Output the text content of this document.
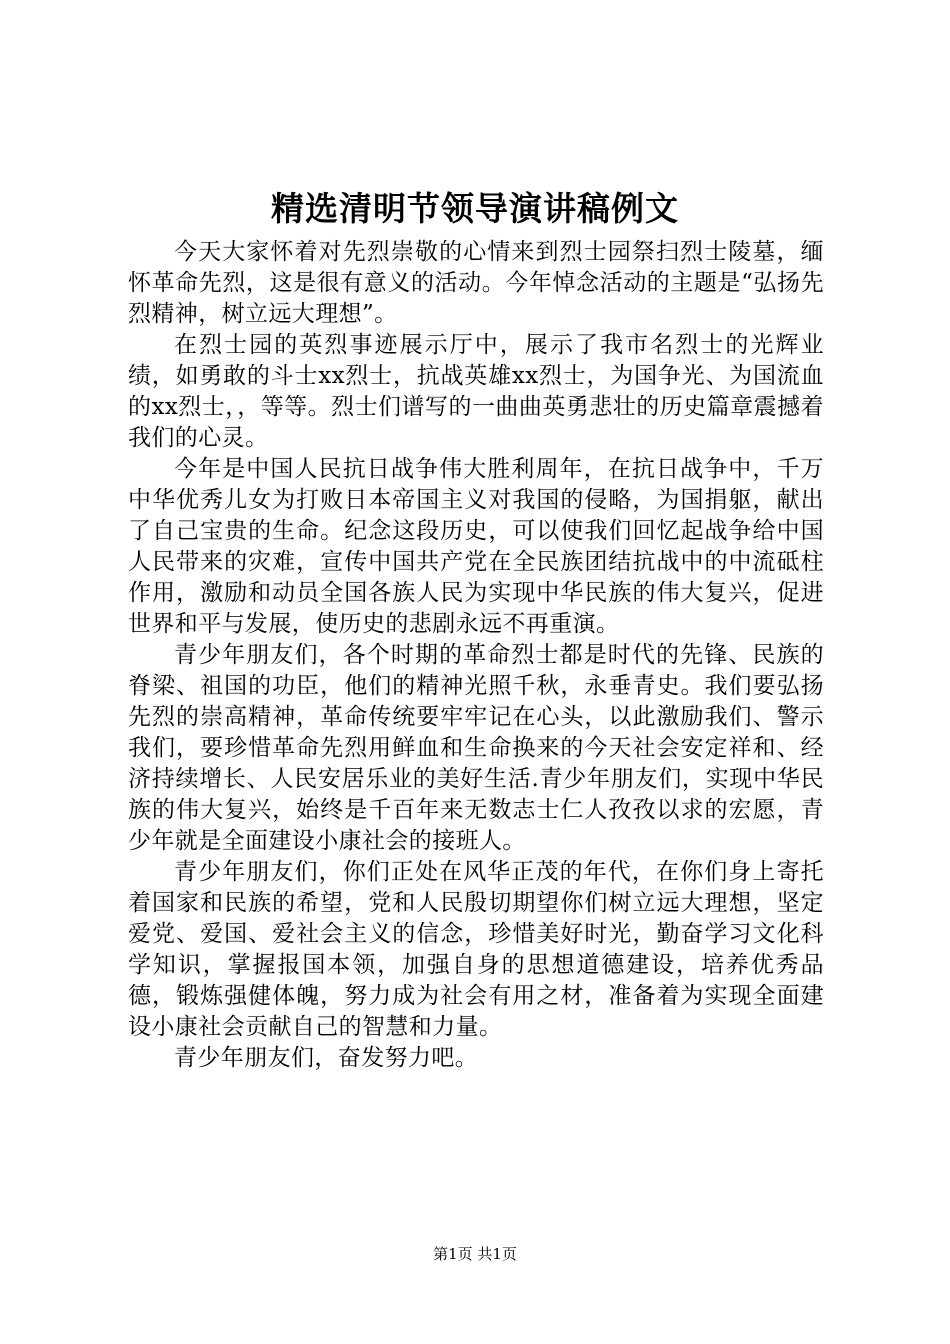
精选清明节领导演讲稿例文

今天大家怀着对先烈崇敬的心情来到烈士园祭扫烈士陵墓，缅怀革命先烈，这是很有意义的活动。今年悼念活动的主题是“弘扬先烈精神，树立远大理想”。

在烈士园的英烈事迹展示厅中，展示了我市名烈士的光辉业绩，如勇敢的斗士xx烈士，抗战英雄xx烈士，为国争光、为国流血的xx烈士，，等等。烈士们谱写的一曲曲英勇悲壮的历史篇章震撼着我们的心灵。

今年是中国人民抗日战争伟大胜利周年，在抗日战争中，千万中华优秀儿女为打败日本帝国主义对我国的侵略，为国捐躯，献出了自己宝贵的生命。纪念这段历史，可以使我们回忆起战争给中国人民带来的灾难，宣传中国共产党在全民族团结抗战中的中流砥柱作用，激励和动员全国各族人民为实现中华民族的伟大复兴，促进世界和平与发展，使历史的悲剧永远不再重演。

青少年朋友们，各个时期的革命烈士都是时代的先锋、民族的脊梁、祖国的功臣，他们的精神光照千秋，永垂青史。我们要弘扬先烈的崇高精神，革命传统要牢牢记在心头，以此激励我们、警示我们，要珍惜革命先烈用鲜血和生命换来的今天社会安定祥和、经济持续增长、人民安居乐业的美好生活.青少年朋友们，实现中华民族的伟大复兴，始终是千百年来无数志士仁人孜孜以求的宏愿，青少年就是全面建设小康社会的接班人。

青少年朋友们，你们正处在风华正茂的年代，在你们身上寄托着国家和民族的希望，党和人民殷切期望你们树立远大理想，坚定爱党、爱国、爱社会主义的信念，珍惜美好时光，勤奋学习文化科学知识，掌握报国本领，加强自身的思想道德建设，培养优秀品德，锻炼强健体魄，努力成为社会有用之材，准备着为实现全面建设小康社会贡献自己的智慧和力量。

青少年朋友们，奋发努力吧。

第1页 共1页
